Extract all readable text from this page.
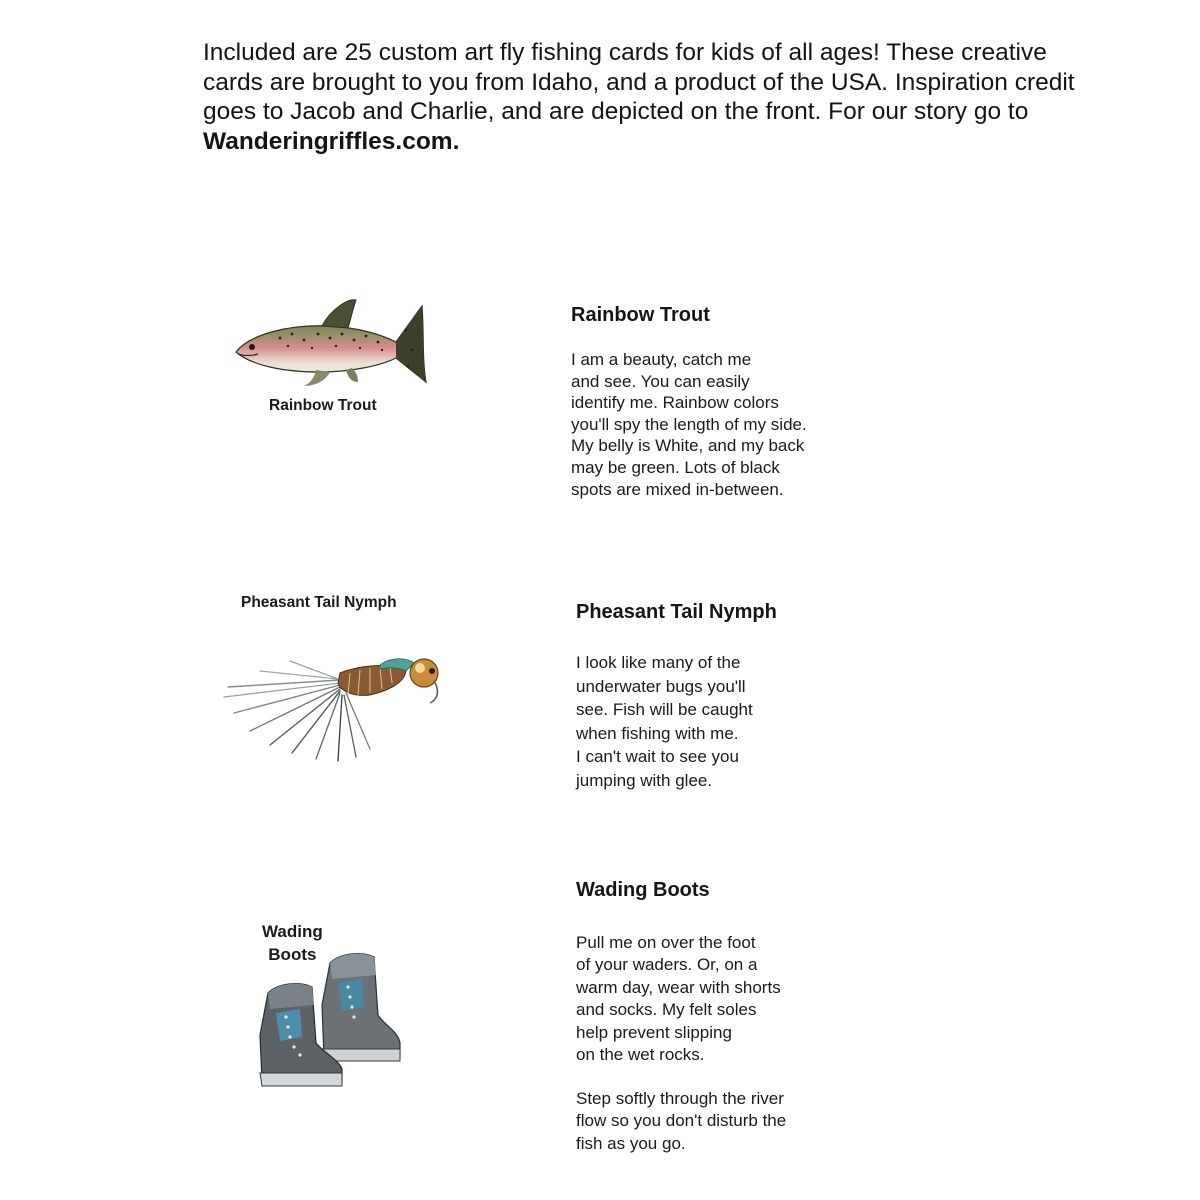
Included are 25 custom art fly fishing cards for kids of all ages! These creative cards are brought to you from Idaho, and a product of the USA. Inspiration credit goes to Jacob and Charlie, and are depicted on the front. For our story go to Wanderingriffles.com.

Rainbow Trout
Rainbow Trout

I am a beauty, catch me
and see. You can easily
identify me. Rainbow colors
you'll spy the length of my side.
My belly is White, and my back
may be green. Lots of black
spots are mixed in-between.

Pheasant Tail Nymph	Pheasant Tail Nymph

I look like many of the
underwater bugs you'll
see. Fish will be caught
when fishing with me.
I can't wait to see you
jumping with glee.

Wading
Boots
Wading Boots

Pull me on over the foot
of your waders. Or, on a
warm day, wear with shorts
and socks. My felt soles
help prevent slipping
on the wet rocks.

Step softly through the river
flow so you don't disturb the
fish as you go.
